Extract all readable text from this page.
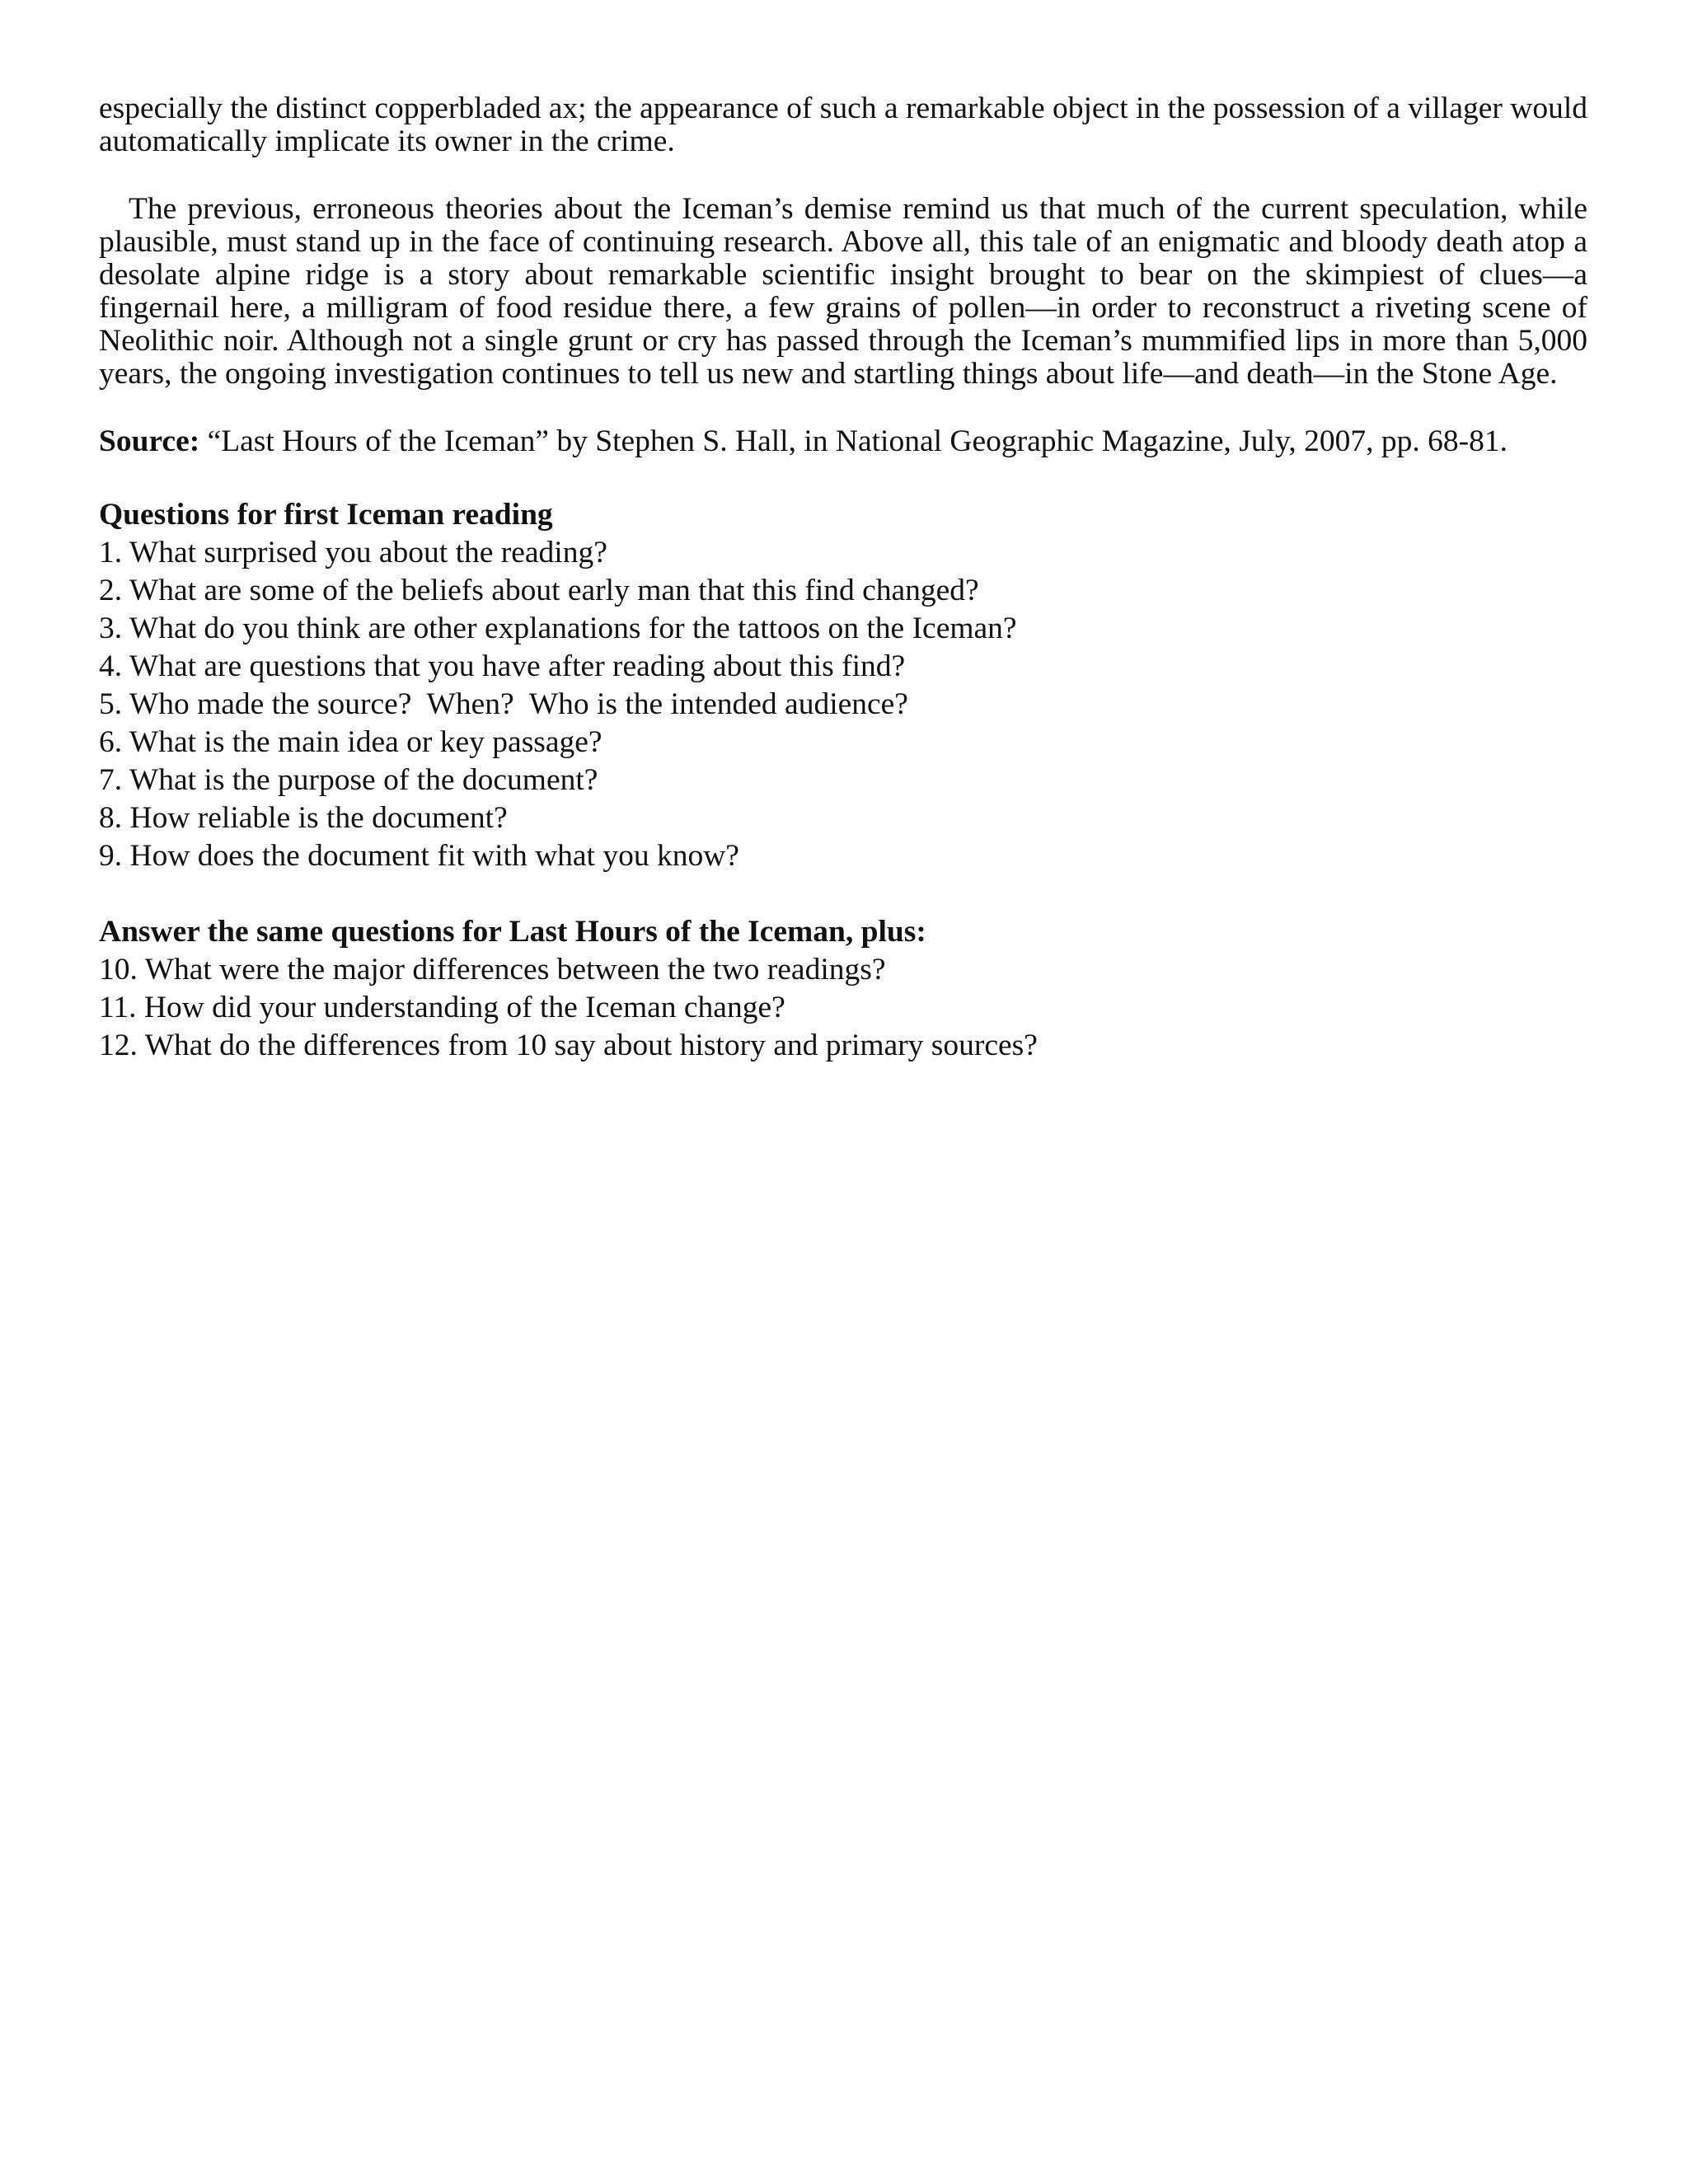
especially the distinct copperbladed ax; the appearance of such a remarkable object in the possession of a villager would automatically implicate its owner in the crime.

The previous, erroneous theories about the Iceman’s demise remind us that much of the current speculation, while plausible, must stand up in the face of continuing research. Above all, this tale of an enigmatic and bloody death atop a desolate alpine ridge is a story about remarkable scientific insight brought to bear on the skimpiest of clues—a fingernail here, a milligram of food residue there, a few grains of pollen—in order to reconstruct a riveting scene of Neolithic noir. Although not a single grunt or cry has passed through the Iceman’s mummified lips in more than 5,000 years, the ongoing investigation continues to tell us new and startling things about life—and death—in the Stone Age.

Source: “Last Hours of the Iceman” by Stephen S. Hall, in National Geographic Magazine, July, 2007, pp. 68-81.

Questions for first Iceman reading
1. What surprised you about the reading?
2. What are some of the beliefs about early man that this find changed?
3. What do you think are other explanations for the tattoos on the Iceman?
4. What are questions that you have after reading about this find?
5. Who made the source?  When?  Who is the intended audience?
6. What is the main idea or key passage?
7. What is the purpose of the document?
8. How reliable is the document?
9. How does the document fit with what you know?
Answer the same questions for Last Hours of the Iceman, plus:
10. What were the major differences between the two readings?
11. How did your understanding of the Iceman change?
12. What do the differences from 10 say about history and primary sources?
